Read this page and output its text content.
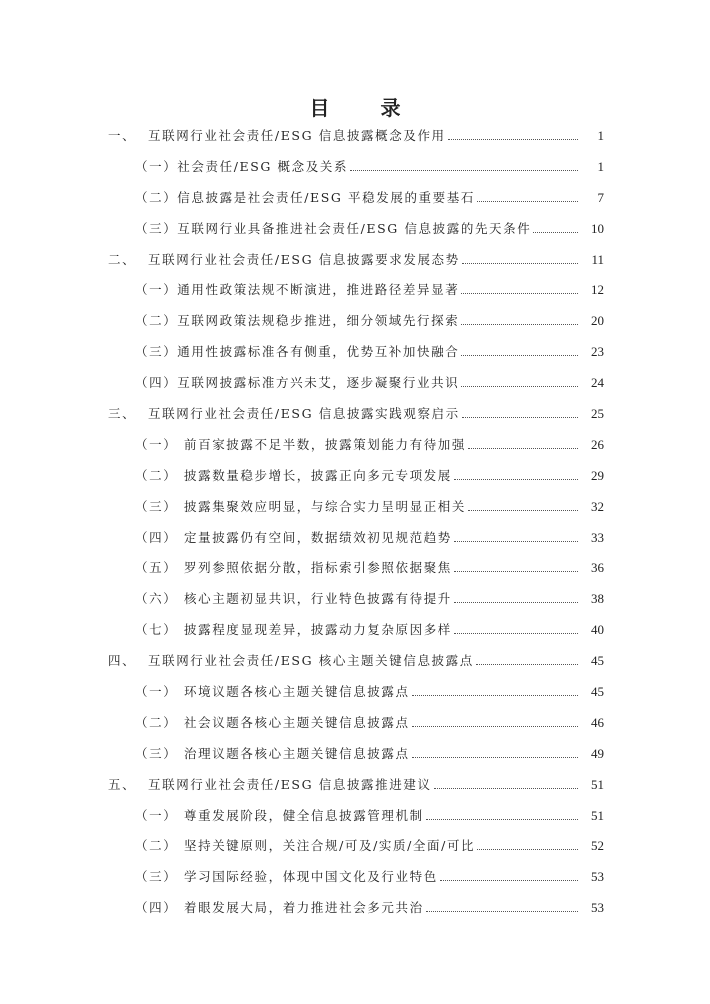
目 录
一、 互联网行业社会责任/ESG 信息披露概念及作用	1
（一）社会责任/ESG 概念及关系	1
（二）信息披露是社会责任/ESG 平稳发展的重要基石	7
（三）互联网行业具备推进社会责任/ESG 信息披露的先天条件	10
二、 互联网行业社会责任/ESG 信息披露要求发展态势	11
（一）通用性政策法规不断演进，推进路径差异显著	12
（二）互联网政策法规稳步推进，细分领域先行探索	20
（三）通用性披露标准各有侧重，优势互补加快融合	23
（四）互联网披露标准方兴未艾，逐步凝聚行业共识	24
三、 互联网行业社会责任/ESG 信息披露实践观察启示	25
（一） 前百家披露不足半数，披露策划能力有待加强	26
（二） 披露数量稳步增长，披露正向多元专项发展	29
（三） 披露集聚效应明显，与综合实力呈明显正相关	32
（四） 定量披露仍有空间，数据绩效初见规范趋势	33
（五） 罗列参照依据分散，指标索引参照依据聚焦	36
（六） 核心主题初显共识，行业特色披露有待提升	38
（七） 披露程度显现差异，披露动力复杂原因多样	40
四、 互联网行业社会责任/ESG 核心主题关键信息披露点	45
（一） 环境议题各核心主题关键信息披露点	45
（二） 社会议题各核心主题关键信息披露点	46
（三） 治理议题各核心主题关键信息披露点	49
五、 互联网行业社会责任/ESG 信息披露推进建议	51
（一） 尊重发展阶段，健全信息披露管理机制	51
（二） 坚持关键原则，关注合规/可及/实质/全面/可比	52
（三） 学习国际经验，体现中国文化及行业特色	53
（四） 着眼发展大局，着力推进社会多元共治	53
